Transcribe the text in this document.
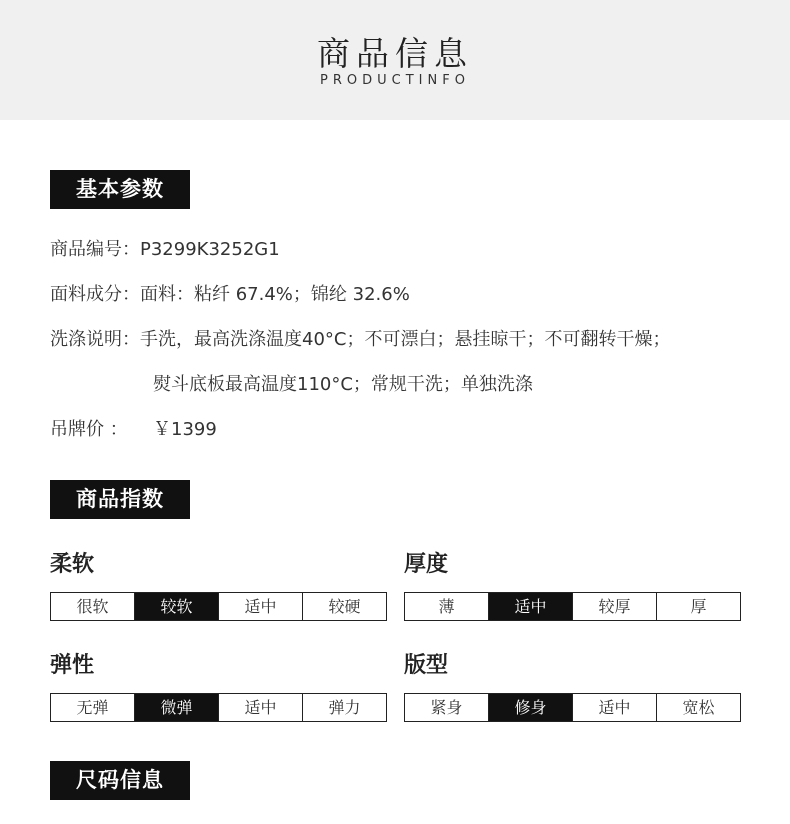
商品信息
PRODUCTINFO
基本参数
商品编号：P3299K3252G1
面料成分：面料：粘纤 67.4%；锦纶 32.6%
洗涤说明：手洗，最高洗涤温度40°C；不可漂白；悬挂晾干；不可翻转干燥；
熨斗底板最高温度110°C；常规干洗；单独洗涤
吊牌价 ： ￥1399
商品指数
柔软
很软	较软	适中	较硬
厚度
薄	适中	较厚	厚
弹性
无弹	微弹	适中	弹力
版型
紧身	修身	适中	宽松
尺码信息
